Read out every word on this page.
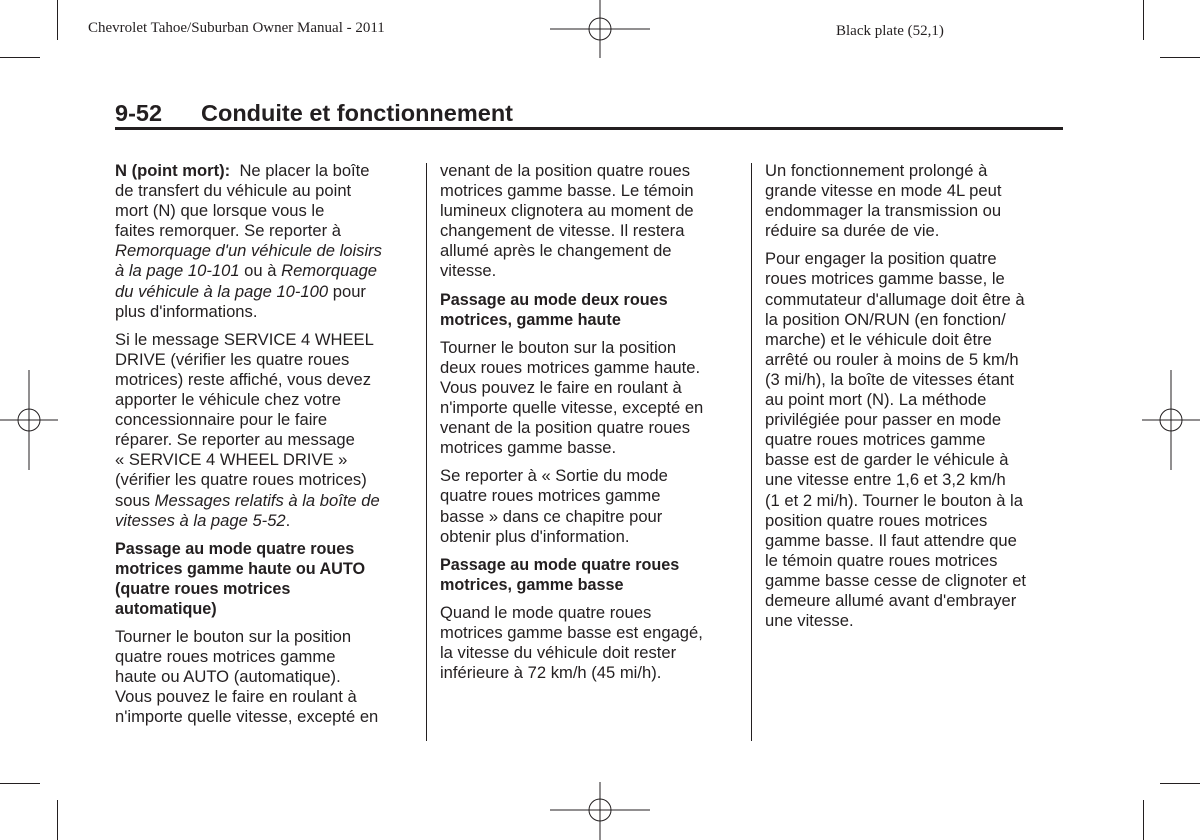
Chevrolet Tahoe/Suburban Owner Manual - 2011	Black plate (52,1)
9-52 Conduite et fonctionnement

N (point mort): Ne placer la boîte
de transfert du véhicule au point
mort (N) que lorsque vous le
faites remorquer. Se reporter à
Remorquage d'un véhicule de loisirs
à la page 10-101 ou à Remorquage
du véhicule à la page 10-100 pour
plus d'informations.

Si le message SERVICE 4 WHEEL
DRIVE (vérifier les quatre roues
motrices) reste affiché, vous devez
apporter le véhicule chez votre
concessionnaire pour le faire
réparer. Se reporter au message
« SERVICE 4 WHEEL DRIVE »
(vérifier les quatre roues motrices)
sous Messages relatifs à la boîte de
vitesses à la page 5-52.

Passage au mode quatre roues
motrices gamme haute ou AUTO
(quatre roues motrices
automatique)

Tourner le bouton sur la position
quatre roues motrices gamme
haute ou AUTO (automatique).
Vous pouvez le faire en roulant à
n'importe quelle vitesse, excepté en

venant de la position quatre roues
motrices gamme basse. Le témoin
lumineux clignotera au moment de
changement de vitesse. Il restera
allumé après le changement de
vitesse.

Passage au mode deux roues
motrices, gamme haute

Tourner le bouton sur la position
deux roues motrices gamme haute.
Vous pouvez le faire en roulant à
n'importe quelle vitesse, excepté en
venant de la position quatre roues
motrices gamme basse.

Se reporter à « Sortie du mode
quatre roues motrices gamme
basse » dans ce chapitre pour
obtenir plus d'information.

Passage au mode quatre roues
motrices, gamme basse

Quand le mode quatre roues
motrices gamme basse est engagé,
la vitesse du véhicule doit rester
inférieure à 72 km/h (45 mi/h).

Un fonctionnement prolongé à
grande vitesse en mode 4L peut
endommager la transmission ou
réduire sa durée de vie.

Pour engager la position quatre
roues motrices gamme basse, le
commutateur d'allumage doit être à
la position ON/RUN (en fonction/
marche) et le véhicule doit être
arrêté ou rouler à moins de 5 km/h
(3 mi/h), la boîte de vitesses étant
au point mort (N). La méthode
privilégiée pour passer en mode
quatre roues motrices gamme
basse est de garder le véhicule à
une vitesse entre 1,6 et 3,2 km/h
(1 et 2 mi/h). Tourner le bouton à la
position quatre roues motrices
gamme basse. Il faut attendre que
le témoin quatre roues motrices
gamme basse cesse de clignoter et
demeure allumé avant d'embrayer
une vitesse.
